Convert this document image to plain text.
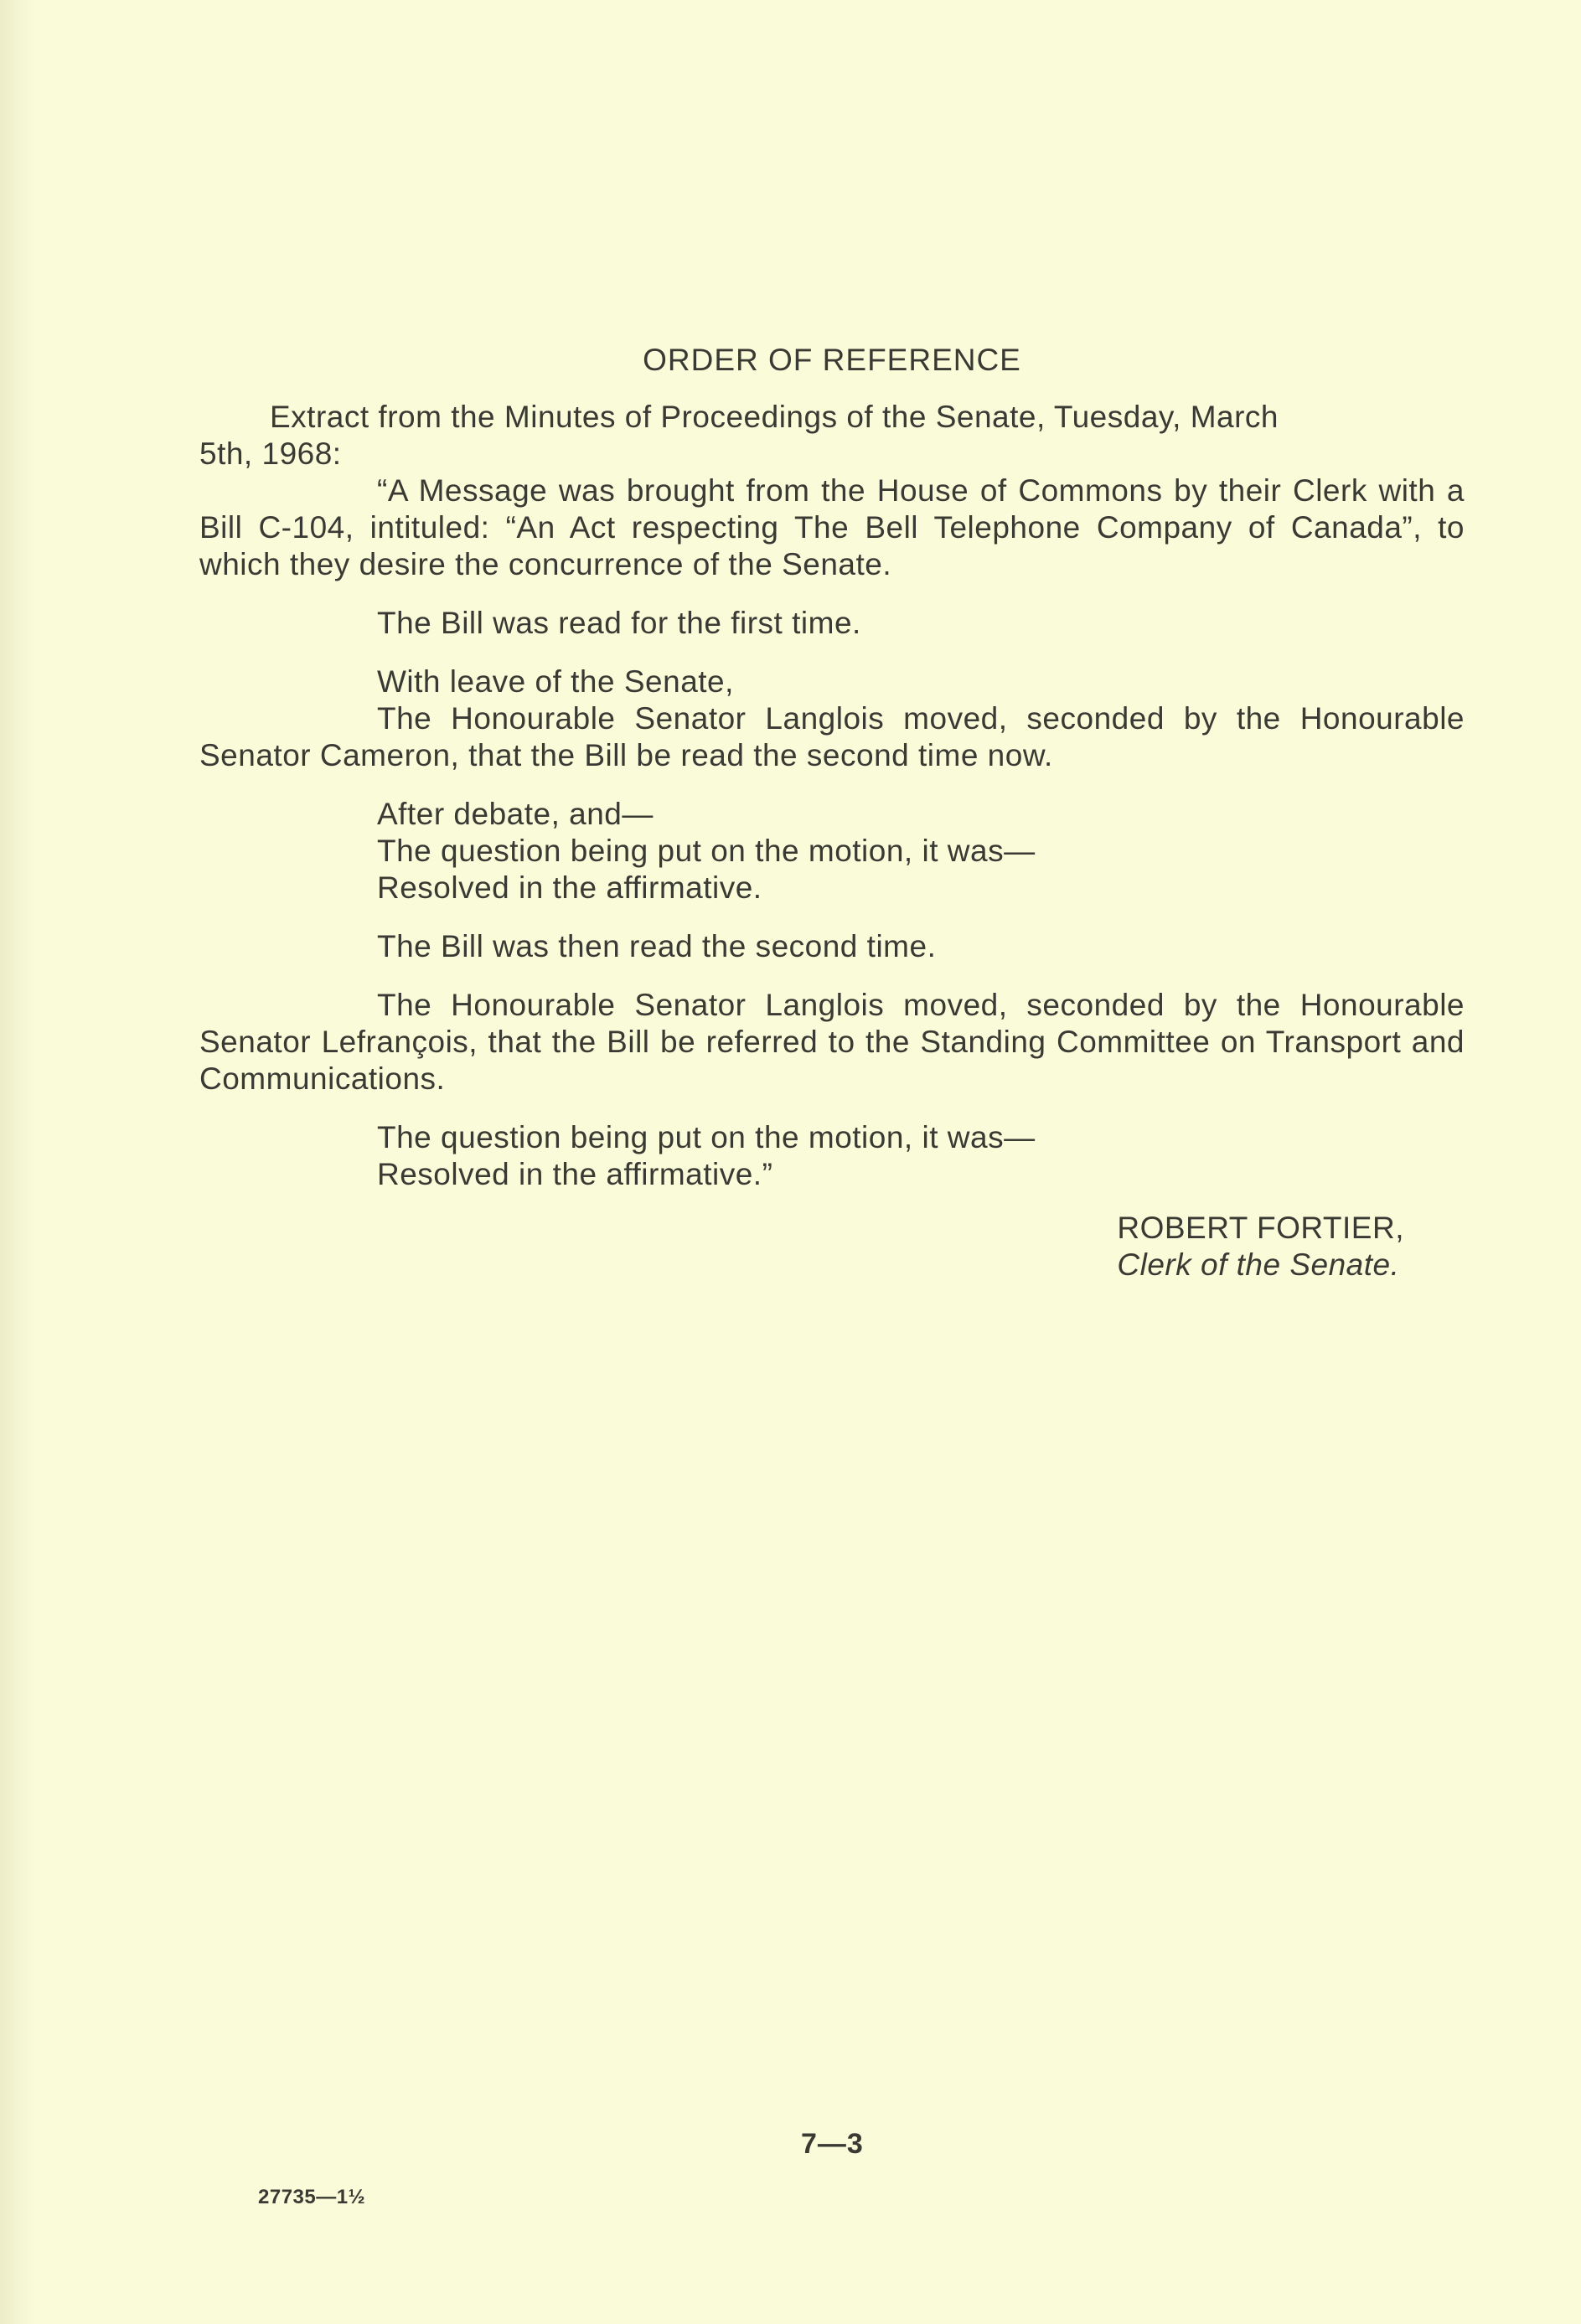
ORDER OF REFERENCE

Extract from the Minutes of Proceedings of the Senate, Tuesday, March

5th, 1968:

“A Message was brought from the House of Commons by their Clerk with a Bill C-104, intituled: “An Act respecting The Bell Telephone Company of Canada”, to which they desire the concurrence of the Senate.

The Bill was read for the first time.

With leave of the Senate,

The Honourable Senator Langlois moved, seconded by the Honourable Senator Cameron, that the Bill be read the second time now.

After debate, and—

The question being put on the motion, it was—

Resolved in the affirmative.

The Bill was then read the second time.

The Honourable Senator Langlois moved, seconded by the Honourable Senator Lefrançois, that the Bill be referred to the Standing Committee on Transport and Communications.

The question being put on the motion, it was—

Resolved in the affirmative.”

ROBERT FORTIER,

Clerk of the Senate.

7—3
27735—1½
